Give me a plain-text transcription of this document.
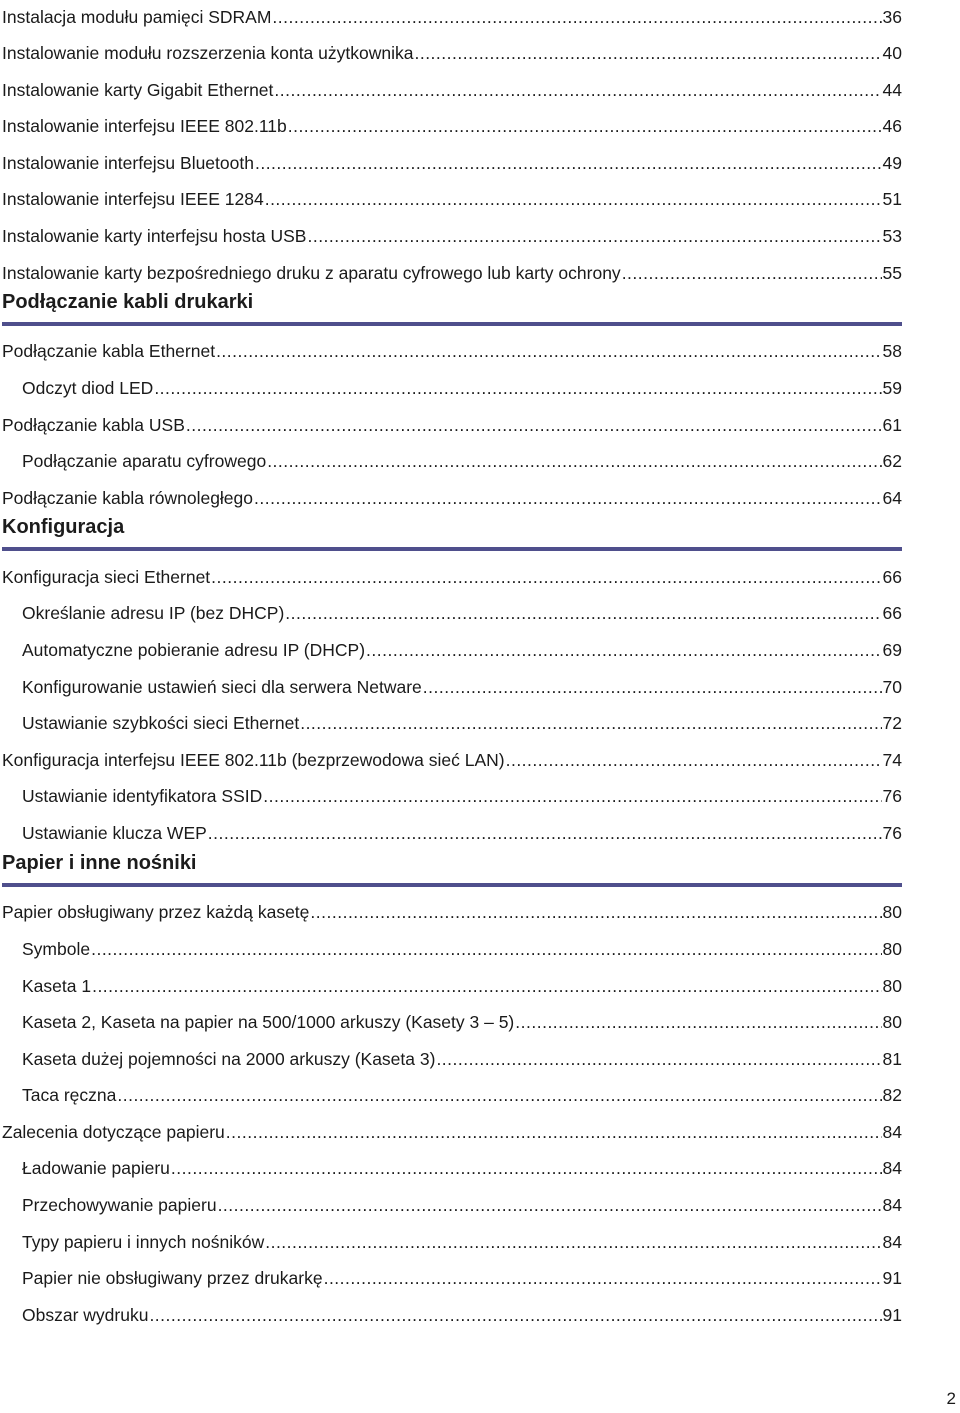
Instalacja modułu pamięci SDRAM .....	36
Instalowanie modułu rozszerzenia konta użytkownika .....	40
Instalowanie karty Gigabit Ethernet .....	44
Instalowanie interfejsu IEEE 802.11b .....	46
Instalowanie interfejsu Bluetooth .....	49
Instalowanie interfejsu IEEE 1284 .....	51
Instalowanie karty interfejsu hosta USB .....	53
Instalowanie karty bezpośredniego druku z aparatu cyfrowego lub karty ochrony .....	55
Podłączanie kabli drukarki
Podłączanie kabla Ethernet .....	58
Odczyt diod LED .....	59
Podłączanie kabla USB .....	61
Podłączanie aparatu cyfrowego .....	62
Podłączanie kabla równoległego .....	64
Konfiguracja
Konfiguracja sieci Ethernet .....	66
Określanie adresu IP (bez DHCP) .....	66
Automatyczne pobieranie adresu IP (DHCP) .....	69
Konfigurowanie ustawień sieci dla serwera Netware .....	70
Ustawianie szybkości sieci Ethernet .....	72
Konfiguracja interfejsu IEEE 802.11b (bezprzewodowa sieć LAN) .....	74
Ustawianie identyfikatora SSID .....	76
Ustawianie klucza WEP .....	76
Papier i inne nośniki
Papier obsługiwany przez każdą kasetę .....	80
Symbole .....	80
Kaseta 1 .....	80
Kaseta 2, Kaseta na papier na 500/1000 arkuszy (Kasety 3 – 5) .....	80
Kaseta dużej pojemności na 2000 arkuszy (Kaseta 3) .....	81
Taca ręczna .....	82
Zalecenia dotyczące papieru .....	84
Ładowanie papieru .....	84
Przechowywanie papieru .....	84
Typy papieru i innych nośników .....	84
Papier nie obsługiwany przez drukarkę .....	91
Obszar wydruku .....	91
2
